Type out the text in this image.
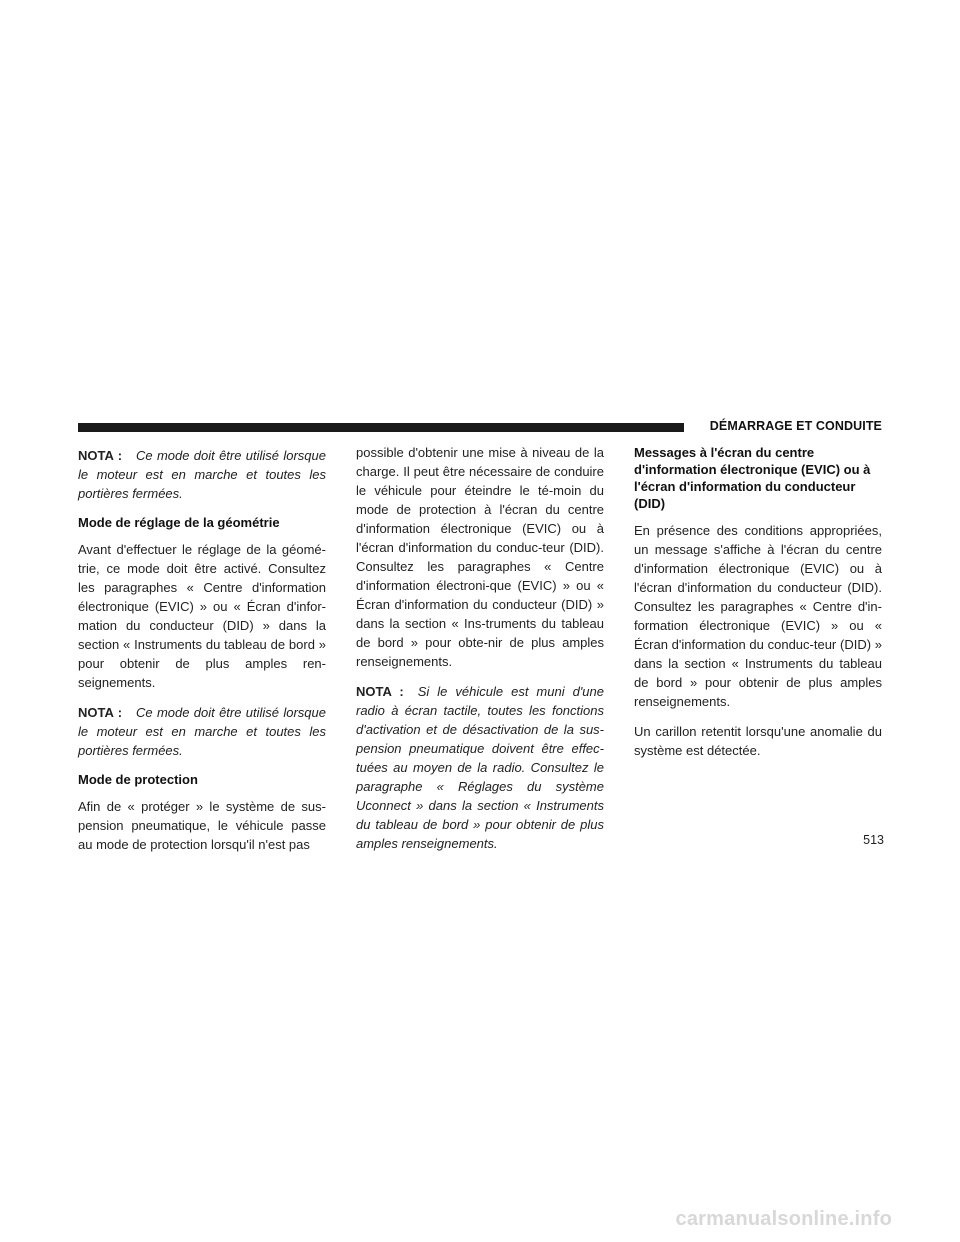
DÉMARRAGE ET CONDUITE

NOTA : Ce mode doit être utilisé lorsque le moteur est en marche et toutes les portières fermées.

Mode de réglage de la géométrie

Avant d'effectuer le réglage de la géomé-trie, ce mode doit être activé. Consultez les paragraphes « Centre d'information électronique (EVIC) » ou « Écran d'infor-mation du conducteur (DID) » dans la section « Instruments du tableau de bord » pour obtenir de plus amples ren-seignements.

NOTA : Ce mode doit être utilisé lorsque le moteur est en marche et toutes les portières fermées.

Mode de protection

Afin de « protéger » le système de sus-pension pneumatique, le véhicule passe au mode de protection lorsqu'il n'est pas

possible d'obtenir une mise à niveau de la charge. Il peut être nécessaire de conduire le véhicule pour éteindre le té-moin du mode de protection à l'écran du centre d'information électronique (EVIC) ou à l'écran d'information du conduc-teur (DID). Consultez les paragraphes « Centre d'information électroni-que (EVIC) » ou « Écran d'information du conducteur (DID) » dans la section « Ins-truments du tableau de bord » pour obte-nir de plus amples renseignements.

NOTA : Si le véhicule est muni d'une radio à écran tactile, toutes les fonctions d'activation et de désactivation de la sus-pension pneumatique doivent être effec-tuées au moyen de la radio. Consultez le paragraphe « Réglages du système Uconnect » dans la section « Instruments du tableau de bord » pour obtenir de plus amples renseignements.

Messages à l'écran du centre d'information électronique (EVIC) ou à l'écran d'information du conducteur (DID)

En présence des conditions appropriées, un message s'affiche à l'écran du centre d'information électronique (EVIC) ou à l'écran d'information du conducteur (DID). Consultez les paragraphes « Centre d'in-formation électronique (EVIC) » ou « Écran d'information du conduc-teur (DID) » dans la section « Instruments du tableau de bord » pour obtenir de plus amples renseignements.

Un carillon retentit lorsqu'une anomalie du système est détectée.

513
carmanualsonline.info
